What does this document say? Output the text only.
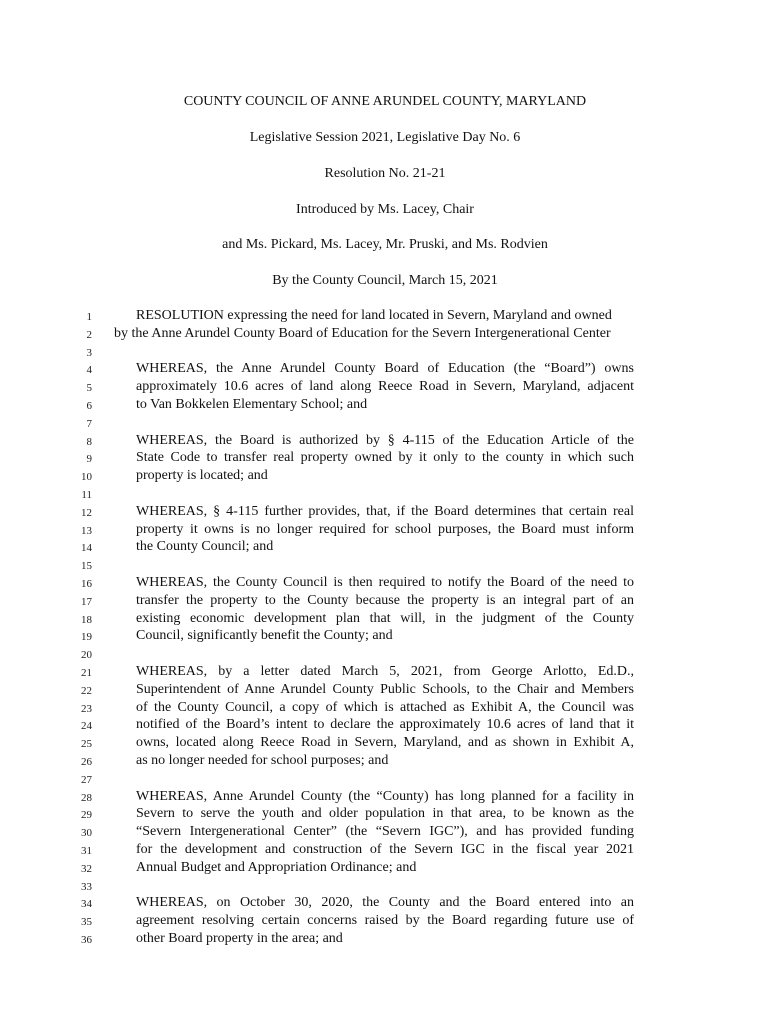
COUNTY COUNCIL OF ANNE ARUNDEL COUNTY, MARYLAND
Legislative Session 2021, Legislative Day No. 6
Resolution No. 21-21
Introduced by Ms. Lacey, Chair
and Ms. Pickard, Ms. Lacey, Mr. Pruski, and Ms. Rodvien
By the County Council, March 15, 2021
1	RESOLUTION expressing the need for land located in Severn, Maryland and owned
2 by the Anne Arundel County Board of Education for the Severn Intergenerational Center
3
4	WHEREAS, the Anne Arundel County Board of Education (the “Board”) owns
5	approximately 10.6 acres of land along Reece Road in Severn, Maryland, adjacent
6	to Van Bokkelen Elementary School; and
7
8	WHEREAS, the Board is authorized by § 4-115 of the Education Article of the
9	State Code to transfer real property owned by it only to the county in which such
10	property is located; and
11
12	WHEREAS, § 4-115 further provides, that, if the Board determines that certain real
13	property it owns is no longer required for school purposes, the Board must inform
14	the County Council; and
15
16	WHEREAS, the County Council is then required to notify the Board of the need to
17	transfer the property to the County because the property is an integral part of an
18	existing economic development plan that will, in the judgment of the County
19	Council, significantly benefit the County; and
20
21	WHEREAS, by a letter dated March 5, 2021, from George Arlotto, Ed.D.,
22	Superintendent of Anne Arundel County Public Schools, to the Chair and Members
23	of the County Council, a copy of which is attached as Exhibit A, the Council was
24	notified of the Board’s intent to declare the approximately 10.6 acres of land that it
25	owns, located along Reece Road in Severn, Maryland, and as shown in Exhibit A,
26	as no longer needed for school purposes; and
27
28	WHEREAS, Anne Arundel County (the “County) has long planned for a facility in
29	Severn to serve the youth and older population in that area, to be known as the
30	“Severn Intergenerational Center” (the “Severn IGC”), and has provided funding
31	for the development and construction of the Severn IGC in the fiscal year 2021
32	Annual Budget and Appropriation Ordinance; and
33
34	WHEREAS, on October 30, 2020, the County and the Board entered into an
35	agreement resolving certain concerns raised by the Board regarding future use of
36	other Board property in the area; and
